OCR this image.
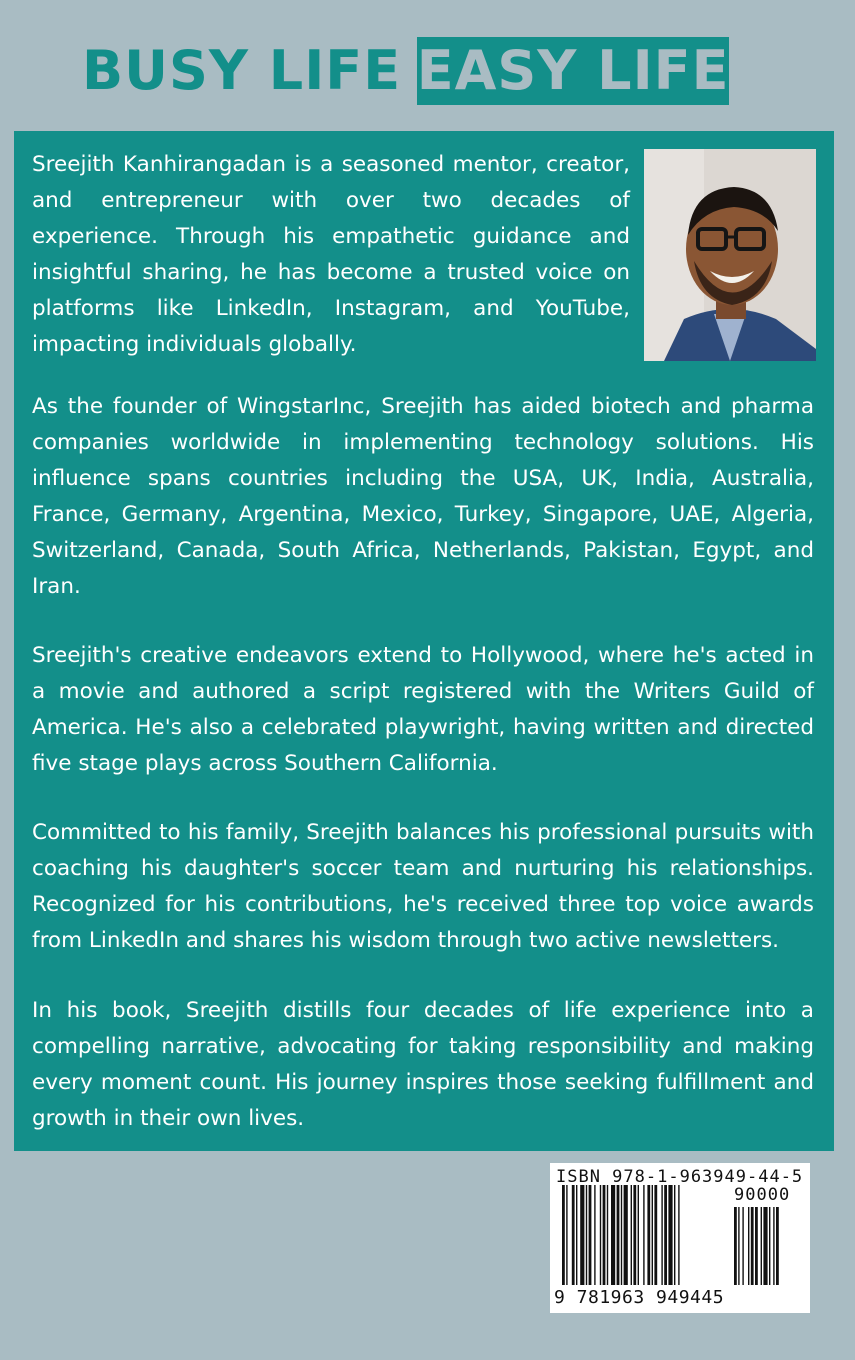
BUSY LIFE EASY LIFE

Sreejith Kanhirangadan is a seasoned mentor, creator, and entrepreneur with over two decades of experience. Through his empathetic guidance and insightful sharing, he has become a trusted voice on platforms like LinkedIn, Instagram, and YouTube, impacting individuals globally.

As the founder of WingstarInc, Sreejith has aided biotech and pharma companies worldwide in implementing technology solutions. His influence spans countries including the USA, UK, India, Australia, France, Germany, Argentina, Mexico, Turkey, Singapore, UAE, Algeria, Switzerland, Canada, South Africa, Netherlands, Pakistan, Egypt, and Iran.

Sreejith's creative endeavors extend to Hollywood, where he's acted in a movie and authored a script registered with the Writers Guild of America. He's also a celebrated playwright, having written and directed five stage plays across Southern California.

Committed to his family, Sreejith balances his professional pursuits with coaching his daughter's soccer team and nurturing his relationships. Recognized for his contributions, he's received three top voice awards from LinkedIn and shares his wisdom through two active newsletters.

In his book, Sreejith distills four decades of life experience into a compelling narrative, advocating for taking responsibility and making every moment count. His journey inspires those seeking fulfillment and growth in their own lives.

ISBN 978-1-963949-44-5
90000
9 781963 949445
